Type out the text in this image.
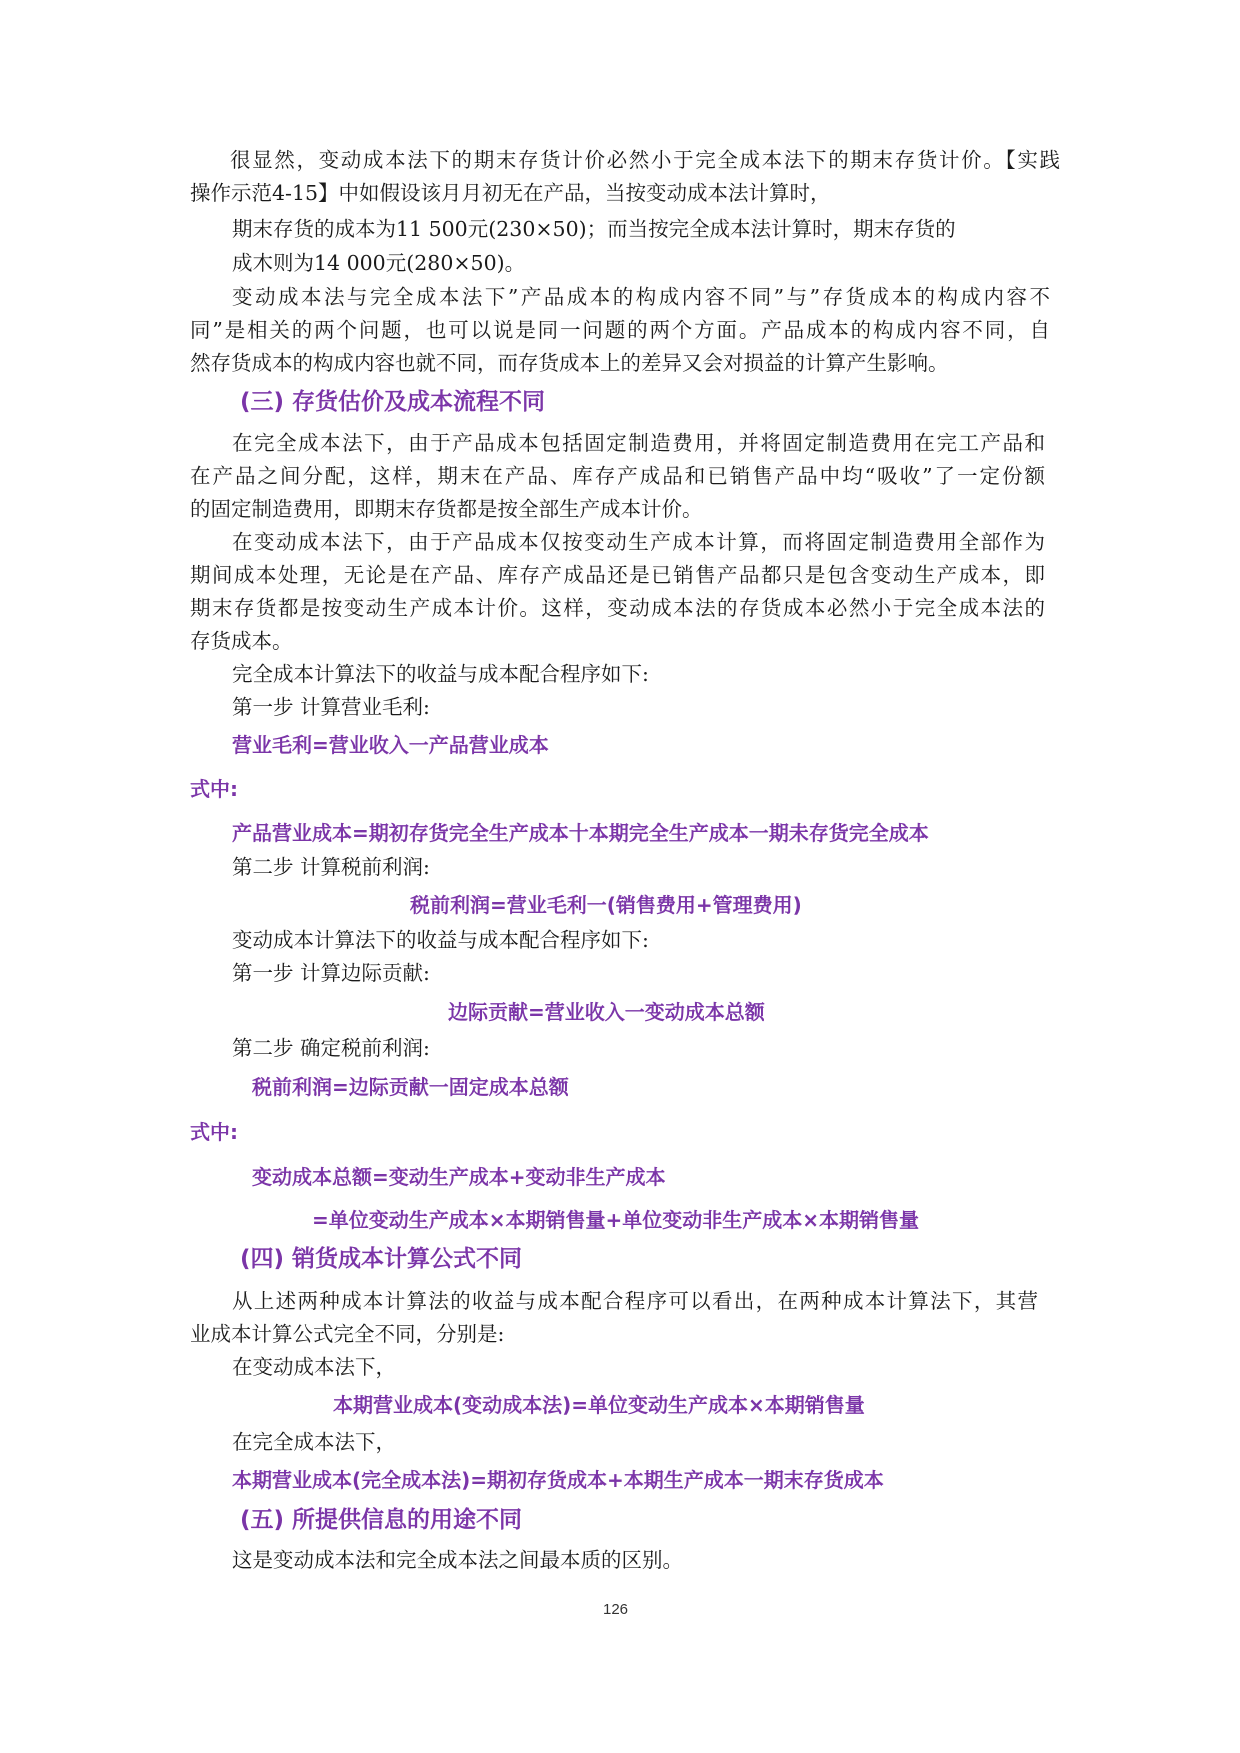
很显然，变动成本法下的期末存货计价必然小于完全成本法下的期末存货计价。【实践
操作示范4-15】中如假设该月月初无在产品，当按变动成本法计算时，
期末存货的成本为11 500元(230×50)；而当按完全成本法计算时，期末存货的
成木则为14 000元(280×50)。
变动成本法与完全成本法下”产品成本的构成内容不同”与”存货成本的构成内容不
同”是相关的两个问题，也可以说是同一问题的两个方面。产品成本的构成内容不同，自
然存货成本的构成内容也就不同，而存货成本上的差异又会对损益的计算产生影响。
(三) 存货估价及成本流程不同
在完全成本法下，由于产品成本包括固定制造费用，并将固定制造费用在完工产品和
在产品之间分配，这样，期末在产品、库存产成品和已销售产品中均“吸收”了一定份额
的固定制造费用，即期末存货都是按全部生产成本计价。
在变动成本法下，由于产品成本仅按变动生产成本计算，而将固定制造费用全部作为
期间成本处理，无论是在产品、库存产成品还是已销售产品都只是包含变动生产成本，即
期末存货都是按变动生产成本计价。这样，变动成本法的存货成本必然小于完全成本法的
存货成本。
完全成本计算法下的收益与成本配合程序如下:
第一步 计算营业毛利:
营业毛利=营业收入一产品营业成本
式中:
产品营业成本=期初存货完全生产成本十本期完全生产成本一期未存货完全成本
第二步 计算税前利润:
税前利润=营业毛利一(销售费用+管理费用)
变动成本计算法下的收益与成本配合程序如下:
第一步 计算边际贡献:
边际贡献=营业收入一变动成本总额
第二步 确定税前利润:
税前利润=边际贡献一固定成本总额
式中:
变动成本总额=变动生产成本+变动非生产成本
=单位变动生产成本×本期销售量+单位变动非生产成本×本期销售量
(四) 销货成本计算公式不同
从上述两种成本计算法的收益与成本配合程序可以看出，在两种成本计算法下，其营
业成本计算公式完全不同，分别是:
在变动成本法下，
本期营业成本(变动成本法)=单位变动生产成本×本期销售量
在完全成本法下，
本期营业成本(完全成本法)=期初存货成本+本期生产成本一期末存货成本
(五) 所提供信息的用途不同
这是变动成本法和完全成本法之间最本质的区别。
126
